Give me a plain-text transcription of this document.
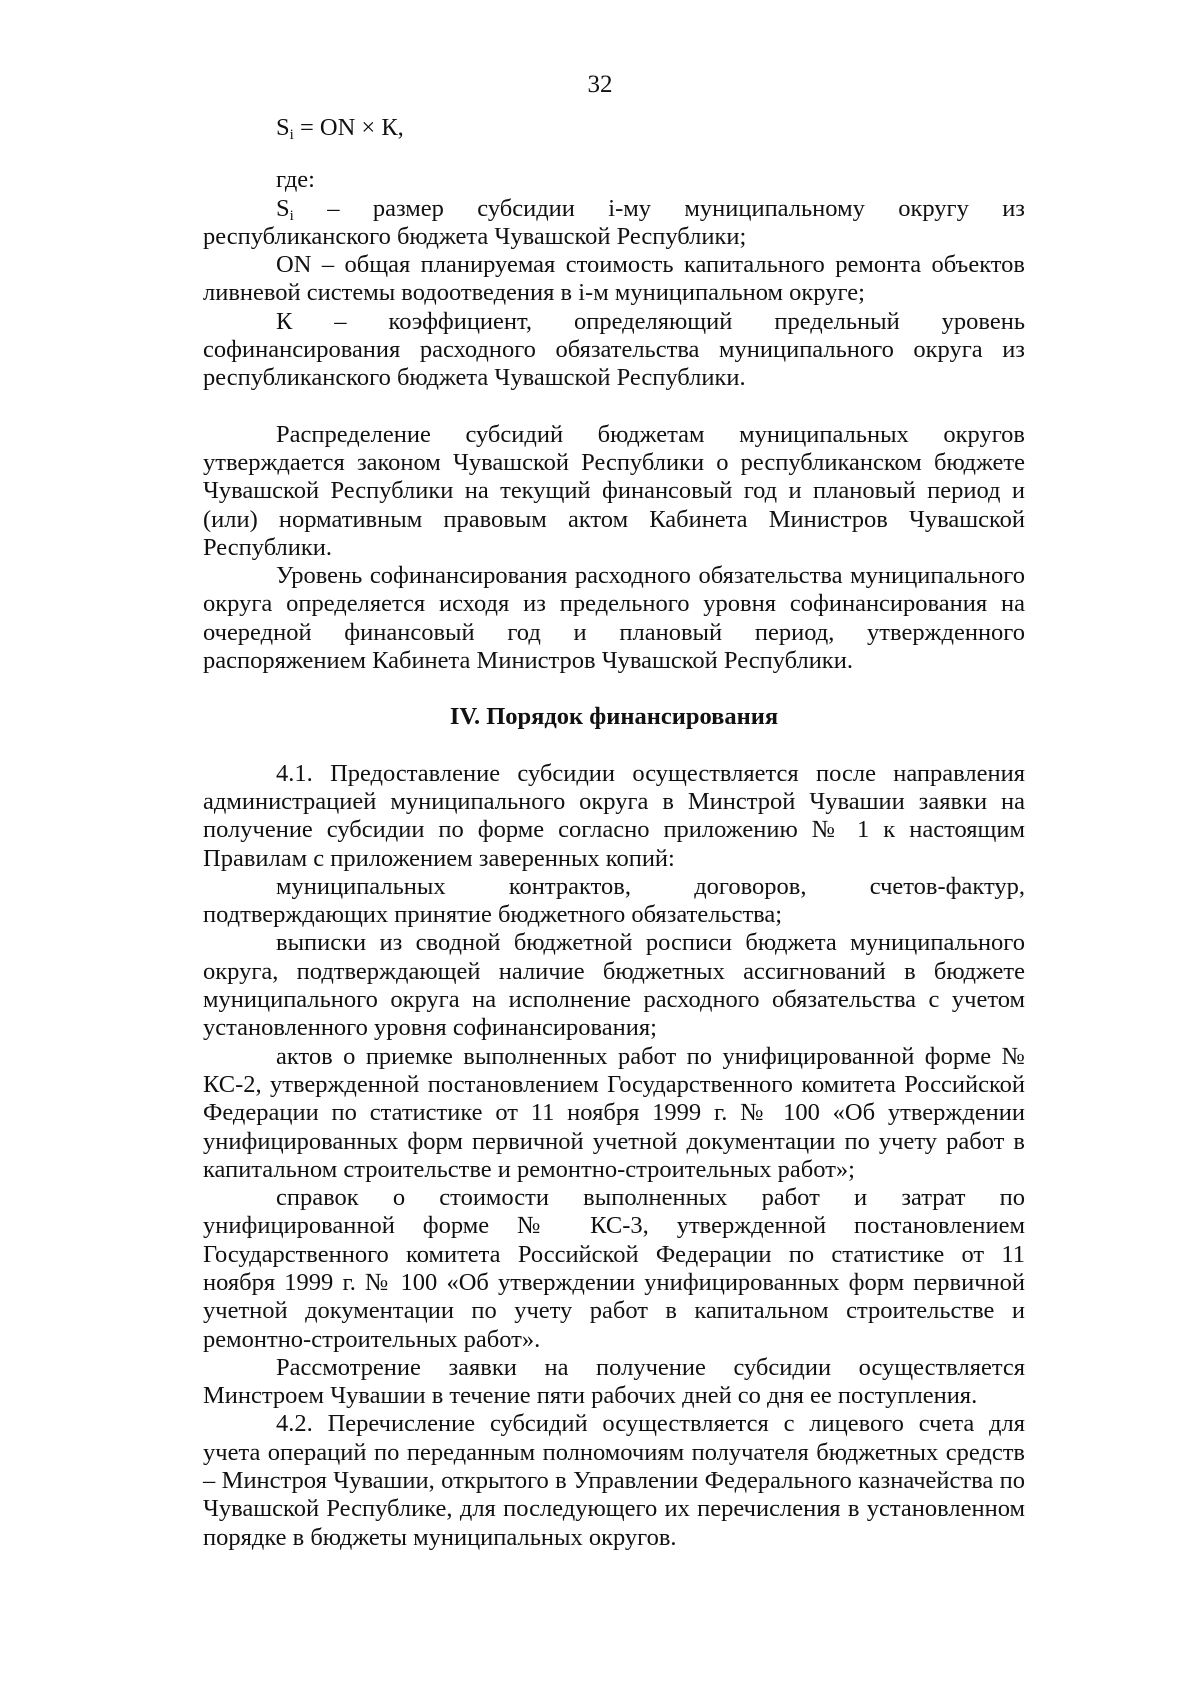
32

$S_i$ = ON × К,

где:

Si – размер субсидии i-му муниципальному округу из республиканского бюджета Чувашской Республики;

ON – общая планируемая стоимость капитального ремонта объектов ливневой системы водоотведения в i-м муниципальном округе;

К – коэффициент, определяющий предельный уровень софинансирования расходного обязательства муниципального округа из республиканского бюджета Чувашской Республики.

Распределение субсидий бюджетам муниципальных округов утверждается законом Чувашской Республики о республиканском бюджете Чувашской Республики на текущий финансовый год и плановый период и (или) нормативным правовым актом Кабинета Министров Чувашской Республики.

Уровень софинансирования расходного обязательства муниципального округа определяется исходя из предельного уровня софинансирования на очередной финансовый год и плановый период, утвержденного распоряжением Кабинета Министров Чувашской Республики.

IV. Порядок финансирования

4.1. Предоставление субсидии осуществляется после направления администрацией муниципального округа в Минстрой Чувашии заявки на получение субсидии по форме согласно приложению № 1 к настоящим Правилам с приложением заверенных копий:

муниципальных контрактов, договоров, счетов-фактур, подтверждающих принятие бюджетного обязательства;

выписки из сводной бюджетной росписи бюджета муниципального округа, подтверждающей наличие бюджетных ассигнований в бюджете муниципального округа на исполнение расходного обязательства с учетом установленного уровня софинансирования;

актов о приемке выполненных работ по унифицированной форме № КС-2, утвержденной постановлением Государственного комитета Российской Федерации по статистике от 11 ноября 1999 г. № 100 «Об утверждении унифицированных форм первичной учетной документации по учету работ в капитальном строительстве и ремонтно-строительных работ»;

справок о стоимости выполненных работ и затрат по унифицированной форме № КС-3, утвержденной постановлением Государственного комитета Российской Федерации по статистике от 11 ноября 1999 г. № 100 «Об утверждении унифицированных форм первичной учетной документации по учету работ в капитальном строительстве и ремонтно-строительных работ».

Рассмотрение заявки на получение субсидии осуществляется Минстроем Чувашии в течение пяти рабочих дней со дня ее поступления.

4.2. Перечисление субсидий осуществляется с лицевого счета для учета операций по переданным полномочиям получателя бюджетных средств – Минстроя Чувашии, открытого в Управлении Федерального казначейства по Чувашской Республике, для последующего их перечисления в установленном порядке в бюджеты муниципальных округов.
